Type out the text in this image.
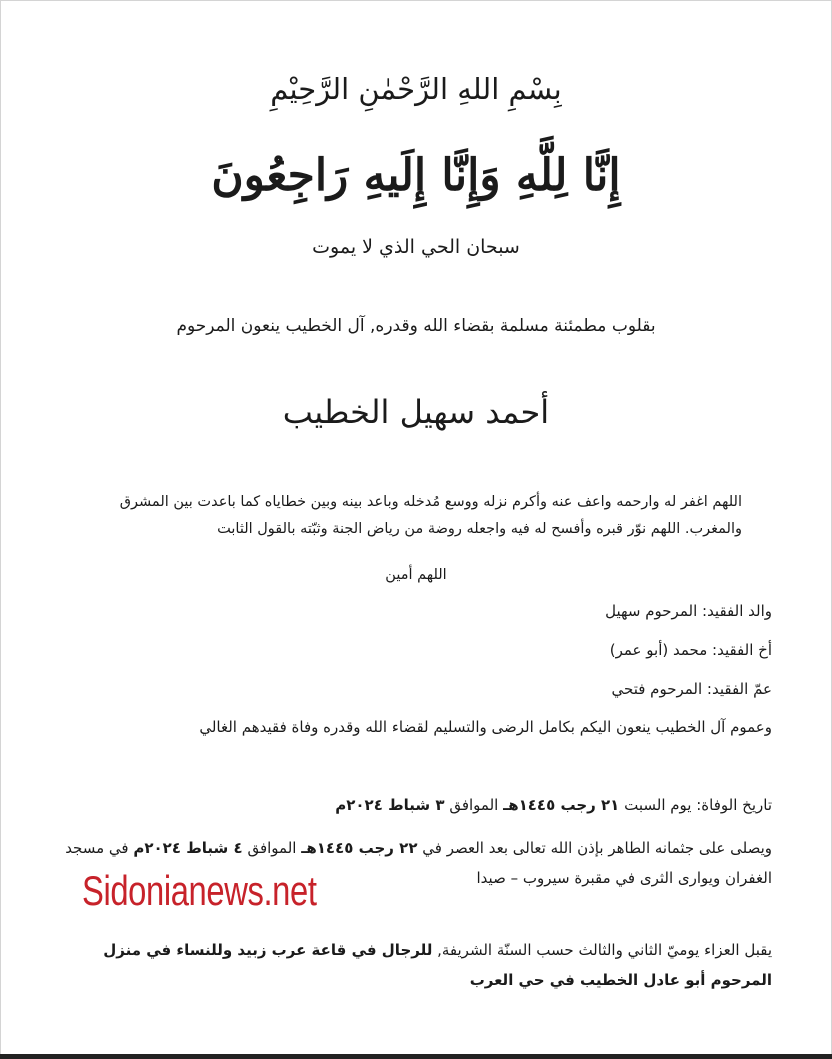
بِسْمِ اللهِ الرَّحْمٰنِ الرَّحِيْمِ
إِنَّا لِلَّهِ وَإِنَّا إِلَيهِ رَاجِعُونَ
سبحان الحي الذي لا يموت
بقلوب مطمئنة مسلمة بقضاء الله وقدره, آل الخطيب ينعون المرحوم
أحمد سهيل الخطيب
اللهم اغفر له وارحمه واعف عنه وأكرم نزله ووسع مُدخله وباعد بينه وبين خطاياه كما باعدت بين المشرق والمغرب. اللهم نوّر قبره وأفسح له فيه واجعله روضة من رياض الجنة وثبّته بالقول الثابت
اللهم أمين
والد الفقيد: المرحوم سهيل
أخ الفقيد: محمد (أبو عمر)
عمّ الفقيد: المرحوم فتحي
وعموم آل الخطيب ينعون اليكم بكامل الرضى والتسليم لقضاء الله وقدره وفاة فقيدهم الغالي
تاريخ الوفاة: يوم السبت ٢١ رجب ١٤٤٥هـ الموافق ٣ شباط ٢٠٢٤م
ويصلى على جثمانه الطاهر بإذن الله تعالى بعد العصر في ٢٢ رجب ١٤٤٥هـ الموافق ٤ شباط ٢٠٢٤م في مسجد الغفران ويوارى الثرى في مقبرة سيروب – صيدا
Sidonianews.net
يقبل العزاء يوميّ الثاني والثالث حسب السنّة الشريفة, للرجال في قاعة عرب زبيد وللنساء في منزل المرحوم أبو عادل الخطيب في حي العرب
